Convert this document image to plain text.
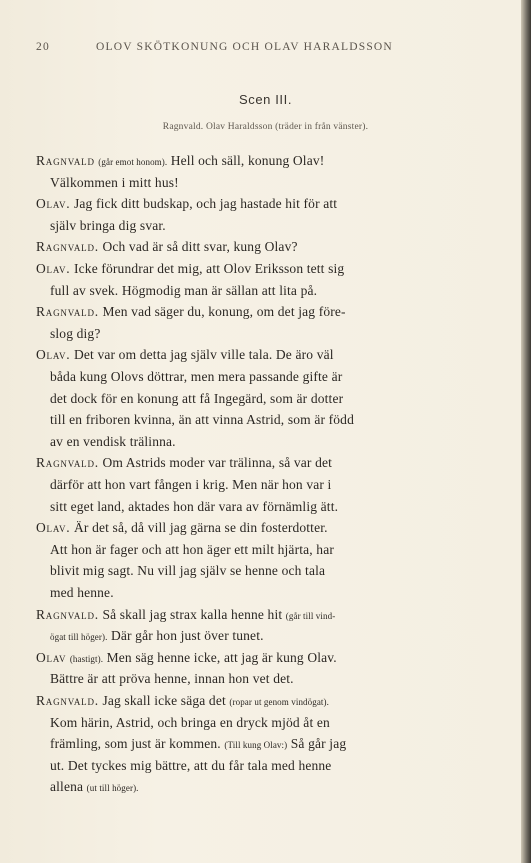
20	OLOV SKÖTKONUNG OCH OLAV HARALDSSON
Scen III.
Ragnvald. Olav Haraldsson (träder in från vänster).
Ragnvald (går emot honom). Hell och säll, konung Olav!
Välkommen i mitt hus!
Olav. Jag fick ditt budskap, och jag hastade hit för att
själv bringa dig svar.
Ragnvald. Och vad är så ditt svar, kung Olav?
Olav. Icke förundrar det mig, att Olov Eriksson tett sig
full av svek. Högmodig man är sällan att lita på.
Ragnvald. Men vad säger du, konung, om det jag före-
slog dig?
Olav. Det var om detta jag själv ville tala. De äro väl
båda kung Olovs döttrar, men mera passande gifte är
det dock för en konung att få Ingegärd, som är dotter
till en friboren kvinna, än att vinna Astrid, som är född
av en vendisk trälinna.
Ragnvald. Om Astrids moder var trälinna, så var det
därför att hon vart fången i krig. Men när hon var i
sitt eget land, aktades hon där vara av förnämlig ätt.
Olav. Är det så, då vill jag gärna se din fosterdotter.
Att hon är fager och att hon äger ett milt hjärta, har
blivit mig sagt. Nu vill jag själv se henne och tala
med henne.
Ragnvald. Så skall jag strax kalla henne hit (går till vind-
ögat till höger). Där går hon just över tunet.
Olav (hastigt). Men säg henne icke, att jag är kung Olav.
Bättre är att pröva henne, innan hon vet det.
Ragnvald. Jag skall icke säga det (ropar ut genom vindögat).
Kom härin, Astrid, och bringa en dryck mjöd åt en
främling, som just är kommen. (Till kung Olav:) Så går jag
ut. Det tyckes mig bättre, att du får tala med henne
allena (ut till höger).
